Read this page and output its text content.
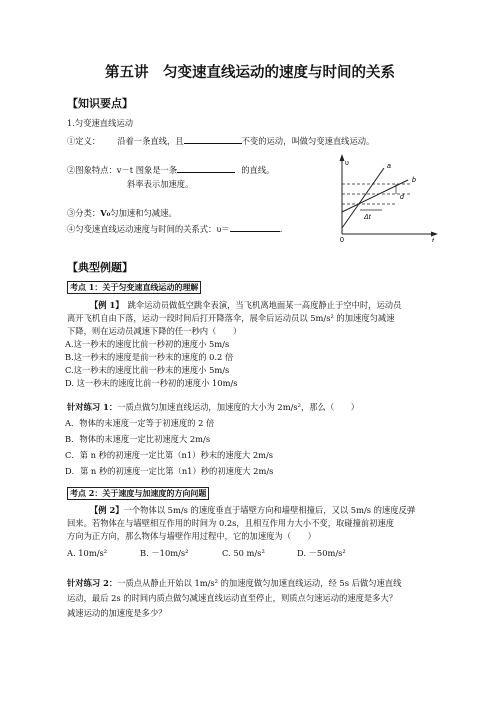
第五讲　匀变速直线运动的速度与时间的关系
【知识要点】
1.匀变速直线运动
①定义： 沿着一条直线，且	不变的运动，叫做匀变速直线运动。
②图象特点：v－t 图象是一条	的直线。
斜率表示加速度。
③分类：V₀匀加速和匀减速。
④匀变速直线运动速度与时间的关系式：υ＝	.
υ
t
0
a
b
d
Δt
【典型例题】
考点 1：关于匀变速直线运动的理解
【例 1】 跳伞运动员做低空跳伞表演，当飞机离地面某一高度静止于空中时，运动员
离开飞机自由下落，运动一段时间后打开降落伞，展伞后运动员以 5m/s² 的加速度匀减速
下降，则在运动员减速下降的任一秒内（　　）
A.这一秒末的速度比前一秒初的速度小 5m/s
B.这一秒末的速度是前一秒末的速度的 0.2 倍
C.这一秒末的速度比前一秒末的速度小 5m/s
D. 这一秒末的速度比前一秒初的速度小 10m/s
针对练习 1：一质点做匀加速直线运动，加速度的大小为 2m/s²，那么（　　）
A．物体的末速度一定等于初速度的 2 倍
B．物体的末速度一定比初速度大 2m/s
C．第 n 秒的初速度一定比第（n1）秒末的速度大 2m/s
D．第 n 秒的初速度一定比第（n1）秒的初速度大 2m/s
考点 2：关于速度与加速度的方向问题
【例 2】一个物体以 5m/s 的速度垂直于墙壁方向和墙壁相撞后，又以 5m/s 的速度反弹
回来。若物体在与墙壁相互作用的时间为 0.2s，且相互作用力大小不变，取碰撞前初速度
方向为正方向，那么物体与墙壁作用过程中，它的加速度为（　　）
A. 10m/s²	B. －10m/s²	C. 50 m/s²	D. －50m/s²
针对练习 2：一质点从静止开始以 1m/s² 的加速度做匀加速直线运动，经 5s 后做匀速直线
运动，最后 2s 的时间内质点做匀减速直线运动直至停止，则质点匀速运动的速度是多大？
减速运动的加速度是多少？
